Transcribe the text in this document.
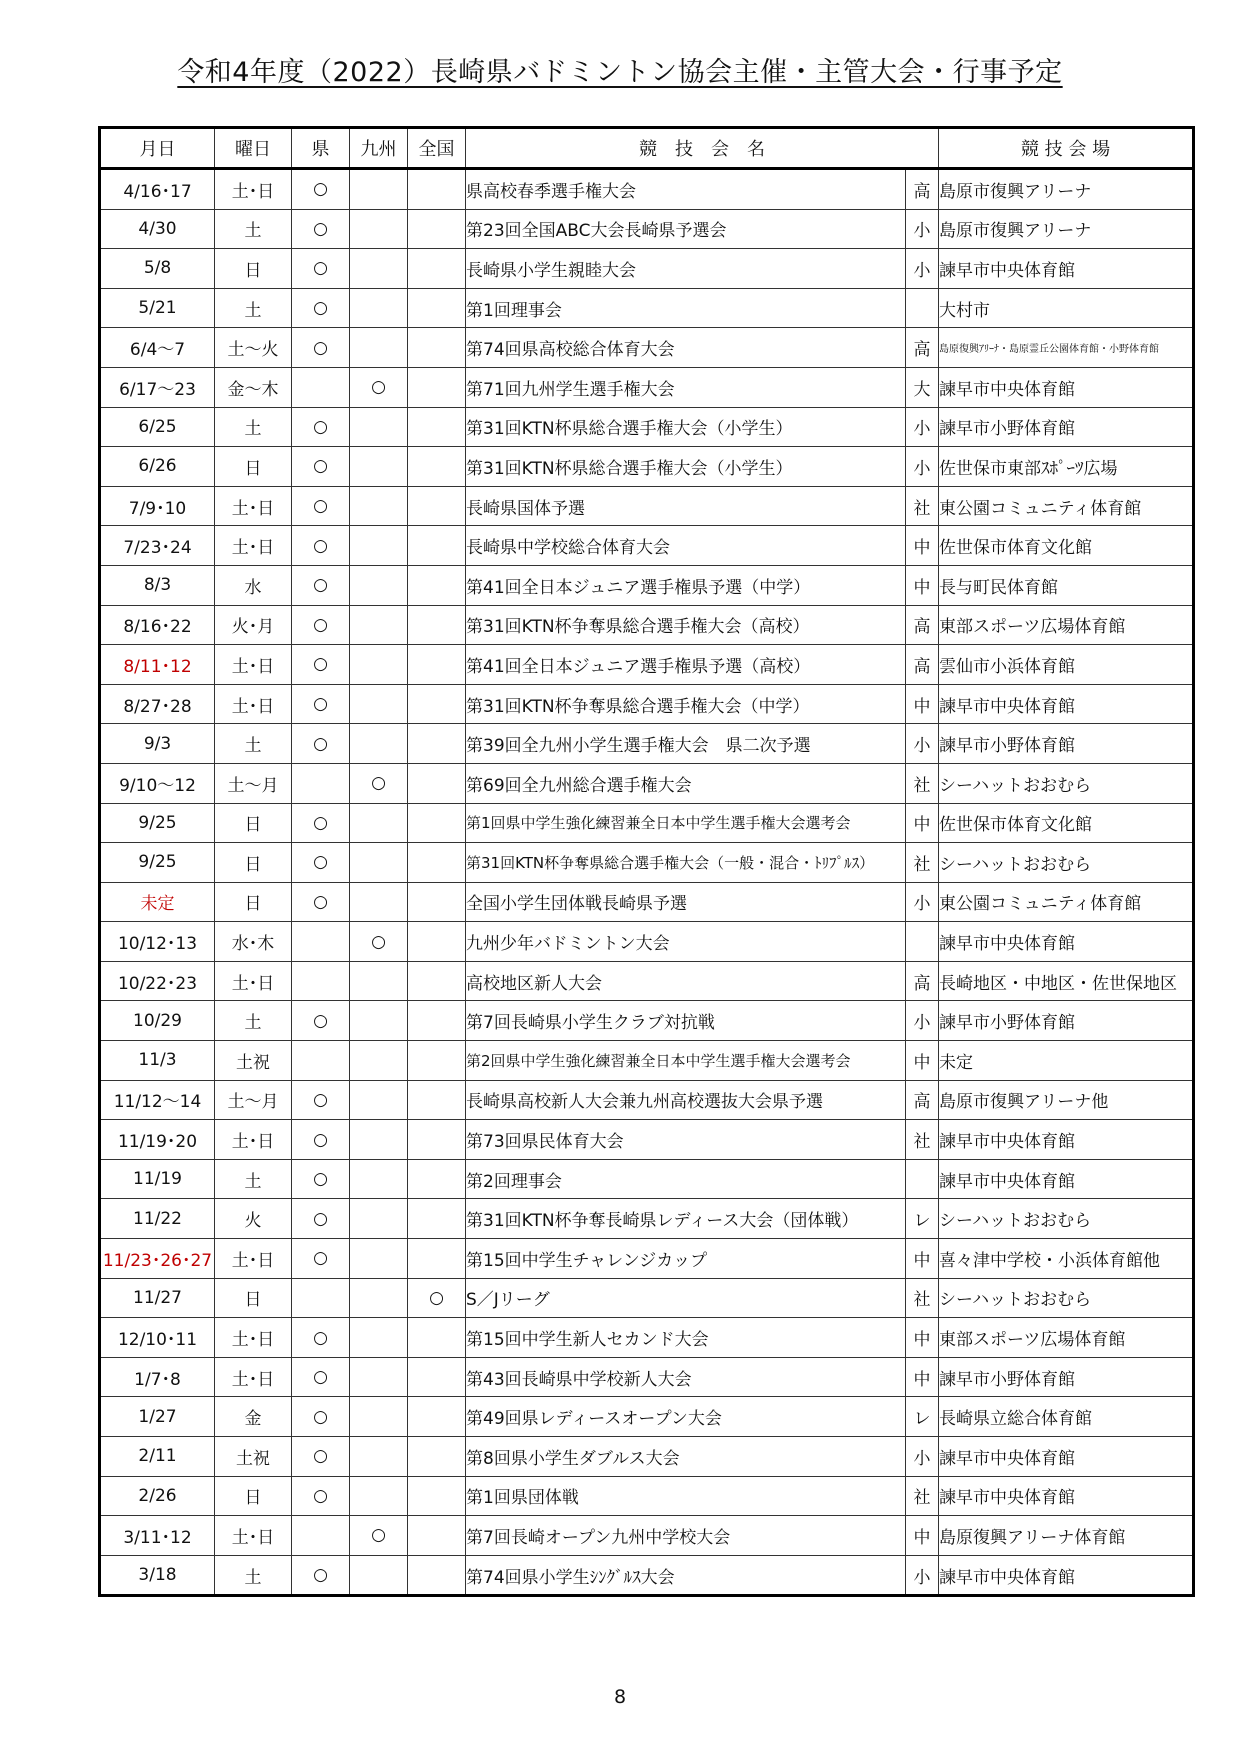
令和4年度（2022）長崎県バドミントン協会主催・主管大会・行事予定
月日	曜日	県	九州	全国	競　技　会　名		競 技 会 場
4/16･17	土･日	○			県高校春季選手権大会	高	島原市復興アリーナ
4/30	土	○			第23回全国ABC大会長崎県予選会	小	島原市復興アリーナ
5/8	日	○			長崎県小学生親睦大会	小	諫早市中央体育館
5/21	土	○			第1回理事会		大村市
6/4〜7	土〜火	○			第74回県高校総合体育大会	高	島原復興ｱﾘｰﾅ・島原霊丘公園体育館・小野体育館
6/17〜23	金〜木		○		第71回九州学生選手権大会	大	諫早市中央体育館
6/25	土	○			第31回KTN杯県総合選手権大会（小学生）	小	諫早市小野体育館
6/26	日	○			第31回KTN杯県総合選手権大会（小学生）	小	佐世保市東部ｽﾎﾟｰﾂ広場
7/9･10	土･日	○			長崎県国体予選	社	東公園コミュニティ体育館
7/23･24	土･日	○			長崎県中学校総合体育大会	中	佐世保市体育文化館
8/3	水	○			第41回全日本ジュニア選手権県予選（中学）	中	長与町民体育館
8/16･22	火･月	○			第31回KTN杯争奪県総合選手権大会（高校）	高	東部スポーツ広場体育館
8/11･12	土･日	○			第41回全日本ジュニア選手権県予選（高校）	高	雲仙市小浜体育館
8/27･28	土･日	○			第31回KTN杯争奪県総合選手権大会（中学）	中	諫早市中央体育館
9/3	土	○			第39回全九州小学生選手権大会　県二次予選	小	諫早市小野体育館
9/10〜12	土〜月		○		第69回全九州総合選手権大会	社	シーハットおおむら
9/25	日	○			第1回県中学生強化練習兼全日本中学生選手権大会選考会	中	佐世保市体育文化館
9/25	日	○			第31回KTN杯争奪県総合選手権大会（一般・混合・ﾄﾘﾌﾟﾙｽ）	社	シーハットおおむら
未定	日	○			全国小学生団体戦長崎県予選	小	東公園コミュニティ体育館
10/12･13	水･木		○		九州少年バドミントン大会		諫早市中央体育館
10/22･23	土･日				高校地区新人大会	高	長崎地区・中地区・佐世保地区
10/29	土	○			第7回長崎県小学生クラブ対抗戦	小	諫早市小野体育館
11/3	土祝				第2回県中学生強化練習兼全日本中学生選手権大会選考会	中	未定
11/12〜14	土〜月	○			長崎県高校新人大会兼九州高校選抜大会県予選	高	島原市復興アリーナ他
11/19･20	土･日	○			第73回県民体育大会	社	諫早市中央体育館
11/19	土	○			第2回理事会		諫早市中央体育館
11/22	火	○			第31回KTN杯争奪長崎県レディース大会（団体戦）	レ	シーハットおおむら
11/23･26･27	土･日	○			第15回中学生チャレンジカップ	中	喜々津中学校・小浜体育館他
11/27	日			○	S／Jリーグ	社	シーハットおおむら
12/10･11	土･日	○			第15回中学生新人セカンド大会	中	東部スポーツ広場体育館
1/7･8	土･日	○			第43回長崎県中学校新人大会	中	諫早市小野体育館
1/27	金	○			第49回県レディースオープン大会	レ	長崎県立総合体育館
2/11	土祝	○			第8回県小学生ダブルス大会	小	諫早市中央体育館
2/26	日	○			第1回県団体戦	社	諫早市中央体育館
3/11･12	土･日		○		第7回長崎オープン九州中学校大会	中	島原復興アリーナ体育館
3/18	土	○			第74回県小学生ｼﾝｸﾞﾙｽ大会	小	諫早市中央体育館
8
